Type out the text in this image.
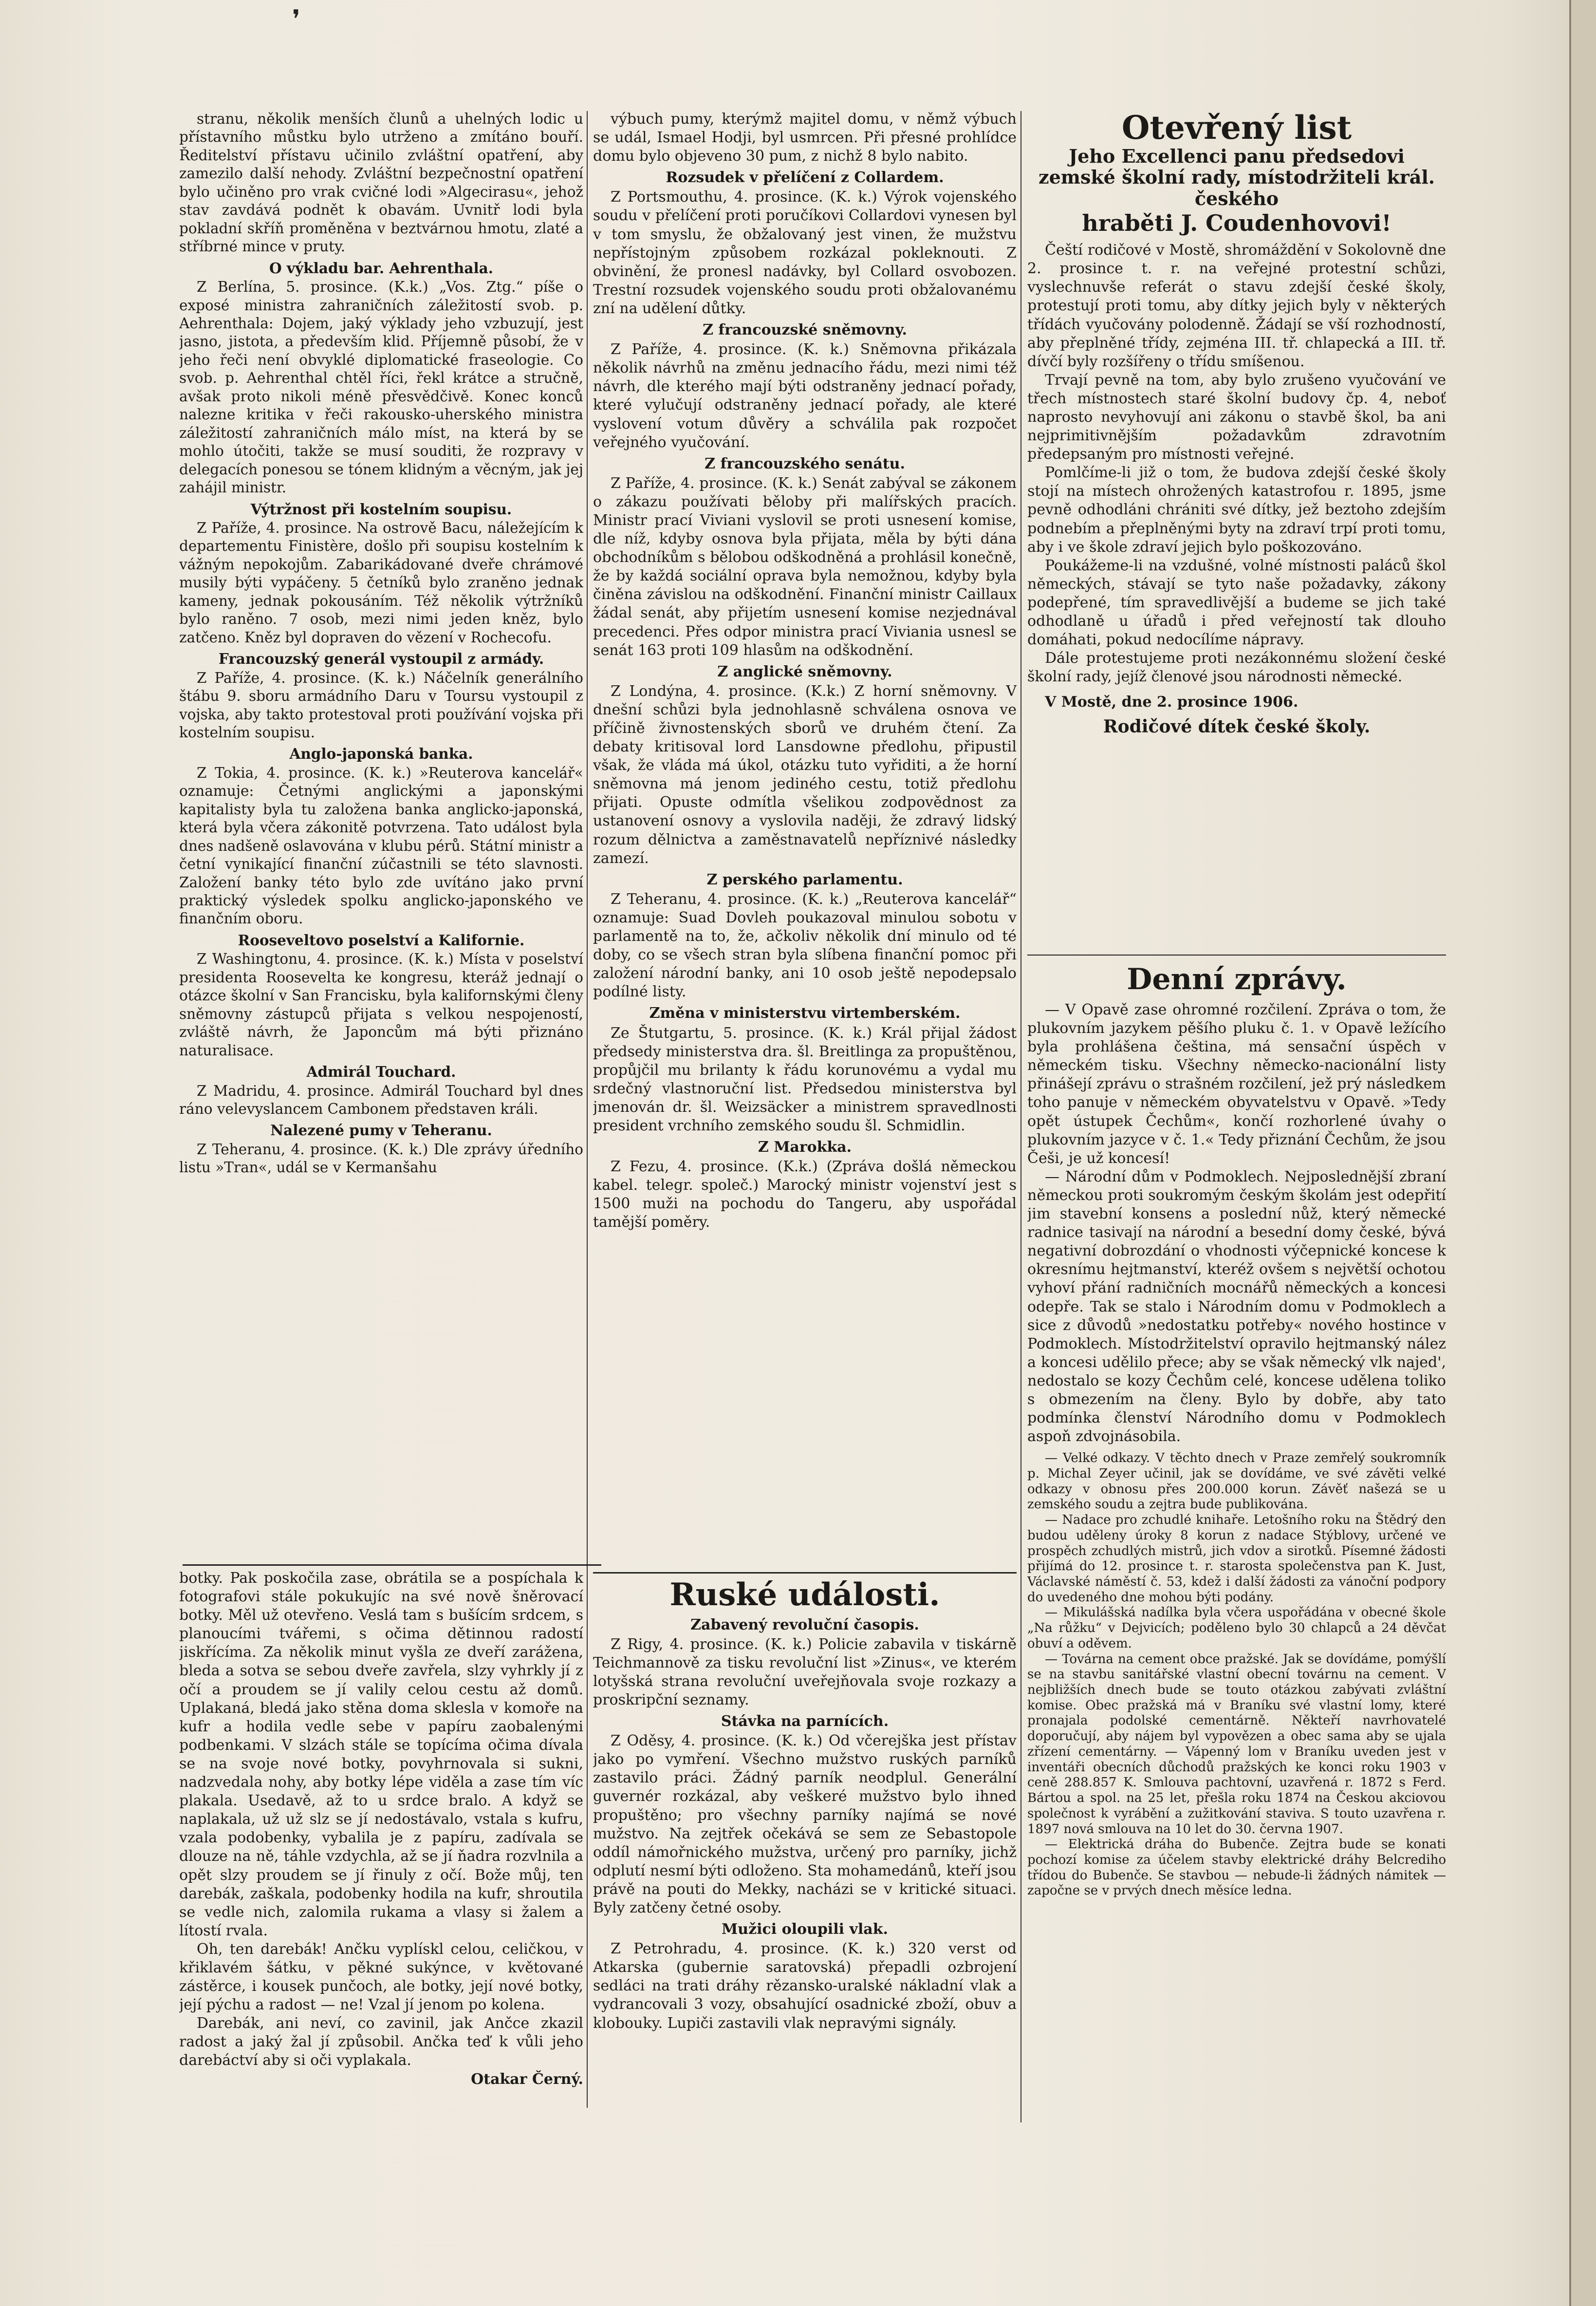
stranu, několik menších člunů a uhelných lodic u přístavního můstku bylo utrženo a zmítáno bouří. Ředitelství přístavu učinilo zvláštní opatření, aby zamezilo další nehody. Zvláštní bezpečnostní opatření bylo učiněno pro vrak cvičné lodi »Algecirasu«, jehož stav zavdává podnět k obavám. Uvnitř lodi byla pokladní skříň proměněna v beztvárnou hmotu, zlaté a stříbrné mince v pruty.

O výkladu bar. Aehrenthala.

Z Berlína, 5. prosince. (K.k.) „Vos. Ztg.“ píše o exposé ministra zahraničních záležitostí svob. p. Aehrenthala: Dojem, jaký výklady jeho vzbuzují, jest jasno, jistota, a především klid. Příjemně působí, že v jeho řeči není obvyklé diplomatické fraseologie. Co svob. p. Aehrenthal chtěl říci, řekl krátce a stručně, avšak proto nikoli méně přesvědčivě. Konec konců nalezne kritika v řeči rakousko-uherského ministra záležitostí zahraničních málo míst, na která by se mohlo útočiti, takže se musí souditi, že rozpravy v delegacích ponesou se tónem klidným a věcným, jak jej zahájil ministr.

Výtržnost při kostelním soupisu.

Z Paříže, 4. prosince. Na ostrově Bacu, náležejícím k departementu Finistère, došlo při soupisu kostelním k vážným nepokojům. Zabarikádované dveře chrámové musily býti vypáčeny. 5 četníků bylo zraněno jednak kameny, jednak pokousáním. Též několik výtržníků bylo raněno. 7 osob, mezi nimi jeden kněz, bylo zatčeno. Kněz byl dopraven do vězení v Rochecofu.

Francouzský generál vystoupil z armády.

Z Paříže, 4. prosince. (K. k.) Náčelník generálního štábu 9. sboru armádního Daru v Toursu vystoupil z vojska, aby takto protestoval proti používání vojska při kostelním soupisu.

Anglo-japonská banka.

Z Tokia, 4. prosince. (K. k.) »Reuterova kancelář« oznamuje: Četnými anglickými a japonskými kapitalisty byla tu založena banka anglicko-japonská, která byla včera zákonitě potvrzena. Tato událost byla dnes nadšeně oslavována v klubu pérů. Státní ministr a četní vynikající finanční zúčastnili se této slavnosti. Založení banky této bylo zde uvítáno jako první praktický výsledek spolku anglicko-japonského ve finančním oboru.

Rooseveltovo poselství a Kalifornie.

Z Washingtonu, 4. prosince. (K. k.) Místa v poselství presidenta Roosevelta ke kongresu, kteráž jednají o otázce školní v San Francisku, byla kalifornskými členy sněmovny zástupců přijata s velkou nespojeností, zvláště návrh, že Japoncům má býti přiznáno naturalisace.

Admirál Touchard.

Z Madridu, 4. prosince. Admirál Touchard byl dnes ráno velevyslancem Cambonem představen králi.

Nalezené pumy v Teheranu.

Z Teheranu, 4. prosince. (K. k.) Dle zprávy úředního listu »Tran«, udál se v Kermanšahu

výbuch pumy, kterýmž majitel domu, v němž výbuch se udál, Ismael Hodji, byl usmrcen. Při přesné prohlídce domu bylo objeveno 30 pum, z nichž 8 bylo nabito.

Rozsudek v přelíčení z Collardem.

Z Portsmouthu, 4. prosince. (K. k.) Výrok vojenského soudu v přelíčení proti poručíkovi Collardovi vynesen byl v tom smyslu, že obžalovaný jest vinen, že mužstvu nepřístojným způsobem rozkázal pokleknouti. Z obvinění, že pronesl nadávky, byl Collard osvobozen. Trestní rozsudek vojenského soudu proti obžalovanému zní na udělení důtky.

Z francouzské sněmovny.

Z Paříže, 4. prosince. (K. k.) Sněmovna přikázala několik návrhů na změnu jednacího řádu, mezi nimi též návrh, dle kterého mají býti odstraněny jednací pořady, které vylučují odstraněny jednací pořady, ale které vyslovení votum důvěry a schválila pak rozpočet veřejného vyučování.

Z francouzského senátu.

Z Paříže, 4. prosince. (K. k.) Senát zabýval se zákonem o zákazu používati běloby při malířských pracích. Ministr prací Viviani vyslovil se proti usnesení komise, dle níž, kdyby osnova byla přijata, měla by býti dána obchodníkům s bělobou odškodněná a prohlásil konečně, že by každá sociální oprava byla nemožnou, kdyby byla činěna závislou na odškodnění. Finanční ministr Caillaux žádal senát, aby přijetím usnesení komise nezjednával precedenci. Přes odpor ministra prací Viviania usnesl se senát 163 proti 109 hlasům na odškodnění.

Z anglické sněmovny.

Z Londýna, 4. prosince. (K.k.) Z horní sněmovny. V dnešní schůzi byla jednohlasně schválena osnova ve příčině živnostenských sborů ve druhém čtení. Za debaty kritisoval lord Lansdowne předlohu, připustil však, že vláda má úkol, otázku tuto vyřiditi, a že horní sněmovna má jenom jediného cestu, totiž předlohu přijati. Opuste odmítla všelikou zodpovědnost za ustanovení osnovy a vyslovila naději, že zdravý lidský rozum dělnictva a zaměstnavatelů nepříznivé následky zamezí.

Z perského parlamentu.

Z Teheranu, 4. prosince. (K. k.) „Reuterova kancelář“ oznamuje: Suad Dovleh poukazoval minulou sobotu v parlamentě na to, že, ačkoliv několik dní minulo od té doby, co se všech stran byla slíbena finanční pomoc při založení národní banky, ani 10 osob ještě nepodepsalo podílné listy.

Změna v ministerstvu virtemberském.

Ze Štutgartu, 5. prosince. (K. k.) Král přijal žádost předsedy ministerstva dra. šl. Breitlinga za propuštěnou, propůjčil mu brilanty k řádu korunovému a vydal mu srdečný vlastnoruční list. Předsedou ministerstva byl jmenován dr. šl. Weizsäcker a ministrem spravedlnosti president vrchního zemského soudu šl. Schmidlin.

Z Marokka.

Z Fezu, 4. prosince. (K.k.) (Zpráva došlá německou kabel. telegr. společ.) Marocký ministr vojenství jest s 1500 muži na pochodu do Tangeru, aby uspořádal tamější poměry.

Ruské události.
Zabavený revoluční časopis.

Z Rigy, 4. prosince. (K. k.) Policie zabavila v tiskárně Teichmannově za tisku revoluční list »Zinus«, ve kterém lotyšská strana revoluční uveřejňovala svoje rozkazy a proskripční seznamy.

Stávka na parnících.

Z Oděsy, 4. prosince. (K. k.) Od včerejška jest přístav jako po vymření. Všechno mužstvo ruských parníků zastavilo práci. Žádný parník neodplul. Generální guvernér rozkázal, aby veškeré mužstvo bylo ihned propuštěno; pro všechny parníky najímá se nové mužstvo. Na zejtřek očekává se sem ze Sebastopole oddíl námořnického mužstva, určený pro parníky, jichž odplutí nesmí býti odloženo. Sta mohamedánů, kteří jsou právě na pouti do Mekky, nacházi se v kritické situaci. Byly zatčeny četné osoby.

Mužici oloupili vlak.

Z Petrohradu, 4. prosince. (K. k.) 320 verst od Atkarska (gubernie saratovská) přepadli ozbrojení sedláci na trati dráhy rězansko-uralské nákladní vlak a vydrancovali 3 vozy, obsahující osadnické zboží, obuv a klobouky. Lupiči zastavili vlak nepravými signály.

botky. Pak poskočila zase, obrátila se a pospíchala k fotografovi stále pokukujíc na své nově šněrovací botky. Měl už otevřeno. Veslá tam s bušícím srdcem, s planoucími tvářemi, s očima dětinnou radostí jiskřícíma. Za několik minut vyšla ze dveří zarážena, bleda a sotva se sebou dveře zavřela, slzy vyhrkly jí z očí a proudem se jí valily celou cestu až domů. Uplakaná, bledá jako stěna doma sklesla v komoře na kufr a hodila vedle sebe v papíru zaobalenými podbenkami. V slzách stále se topícíma očima dívala se na svoje nové botky, povyhrnovala si sukni, nadzvedala nohy, aby botky lépe viděla a zase tím víc plakala. Usedavě, až to u srdce bralo. A když se naplakala, už už slz se jí nedostávalo, vstala s kufru, vzala podobenky, vybalila je z papíru, zadívala se dlouze na ně, táhle vzdychla, až se jí ňadra rozvlnila a opět slzy proudem se jí řinuly z očí. Bože můj, ten darebák, zaškala, podobenky hodila na kufr, shroutila se vedle nich, zalomila rukama a vlasy si žalem a lítostí rvala.

Oh, ten darebák! Ančku vyplískl celou, celičkou, v křiklavém šátku, v pěkné sukýnce, v květované zástěrce, i kousek punčoch, ale botky, její nové botky, její pýchu a radost — ne! Vzal jí jenom po kolena.

Darebák, ani neví, co zavinil, jak Ančce zkazil radost a jaký žal jí způsobil. Ančka teď k vůli jeho darebáctví aby si oči vyplakala.

Otakar Černý.

Otevřený list
Jeho Excellenci panu předsedovi zemské školní rady, místodržiteli král. českého
hraběti J. Coudenhovovi!

Čeští rodičové v Mostě, shromáždění v Sokolovně dne 2. prosince t. r. na veřejné protestní schůzi, vyslechnuvše referát o stavu zdejší české školy, protestují proti tomu, aby dítky jejich byly v některých třídách vyučovány polodenně. Žádají se vší rozhodností, aby přeplněné třídy, zejména III. tř. chlapecká a III. tř. dívčí byly rozšířeny o třídu smíšenou.

Trvají pevně na tom, aby bylo zrušeno vyučování ve třech místnostech staré školní budovy čp. 4, neboť naprosto nevyhovují ani zákonu o stavbě škol, ba ani nejprimitivnějším požadavkům zdravotním předepsaným pro místnosti veřejné.

Pomlčíme-li již o tom, že budova zdejší české školy stojí na místech ohrožených katastrofou r. 1895, jsme pevně odhodláni chrániti své dítky, jež beztoho zdejším podnebím a přeplněnými byty na zdraví trpí proti tomu, aby i ve škole zdraví jejich bylo poškozováno.

Poukážeme-li na vzdušné, volné místnosti paláců škol německých, stávají se tyto naše požadavky, zákony podepřené, tím spravedlivější a budeme se jich také odhodlaně u úřadů i před veřejností tak dlouho domáhati, pokud nedocílíme nápravy.

Dále protestujeme proti nezákonnému složení české školní rady, jejíž členové jsou národnosti německé.

V Mostě, dne 2. prosince 1906.

Rodičové dítek české školy.
Denní zprávy.

— V Opavě zase ohromné rozčilení. Zpráva o tom, že plukovním jazykem pěšího pluku č. 1. v Opavě ležícího byla prohlášena čeština, má sensační úspěch v německém tisku. Všechny německo-nacionální listy přinášejí zprávu o strašném rozčilení, jež prý následkem toho panuje v německém obyvatelstvu v Opavě. »Tedy opět ústupek Čechům«, končí rozhorlené úvahy o plukovním jazyce v č. 1.« Tedy přiznání Čechům, že jsou Češi, je už koncesí!

— Národní dům v Podmoklech. Nejposlednější zbraní německou proti soukromým českým školám jest odepřití jim stavební konsens a poslední nůž, který německé radnice tasivají na národní a besední domy české, bývá negativní dobrozdání o vhodnosti výčepnické koncese k okresnímu hejtmanství, kteréž ovšem s největší ochotou vyhoví přání radničních mocnářů německých a koncesi odepře. Tak se stalo i Národním domu v Podmoklech a sice z důvodů »nedostatku potřeby« nového hostince v Podmoklech. Místodržitelství opravilo hejtmanský nález a koncesi udělilo přece; aby se však německý vlk najed', nedostalo se kozy Čechům celé, koncese udělena toliko s obmezením na členy. Bylo by dobře, aby tato podmínka členství Národního domu v Podmoklech aspoň zdvojnásobila.

— Velké odkazy. V těchto dnech v Praze zemřelý soukromník p. Michal Zeyer učinil, jak se dovídáme, ve své závěti velké odkazy v obnosu přes 200.000 korun. Závěť našezá se u zemského soudu a zejtra bude publikována.

— Nadace pro zchudlé knihaře. Letošního roku na Štědrý den budou uděleny úroky 8 korun z nadace Stýblovy, určené ve prospěch zchudlých mistrů, jich vdov a sirotků. Písemné žádosti přijímá do 12. prosince t. r. starosta společenstva pan K. Just, Václavské náměstí č. 53, kdež i další žádosti za vánoční podpory do uvedeného dne mohou býti podány.

— Mikulášská nadílka byla včera uspořádána v obecné škole „Na růžku“ v Dejvicích; poděleno bylo 30 chlapců a 24 děvčat obuví a oděvem.

— Továrna na cement obce pražské. Jak se dovídáme, pomýšlí se na stavbu sanitářské vlastní obecní továrnu na cement. V nejbližších dnech bude se touto otázkou zabývati zvláštní komise. Obec pražská má v Braníku své vlastní lomy, které pronajala podolské cementárně. Někteří navrhovatelé doporučují, aby nájem byl vypovězen a obec sama aby se ujala zřízení cementárny. — Vápenný lom v Braníku uveden jest v inventáři obecních důchodů pražských ke konci roku 1903 v ceně 288.857 K. Smlouva pachtovní, uzavřená r. 1872 s Ferd. Bártou a spol. na 25 let, přešla roku 1874 na Českou akciovou společnost k vyrábění a zužitkování staviva. S touto uzavřena r. 1897 nová smlouva na 10 let do 30. června 1907.

— Elektrická dráha do Bubenče. Zejtra bude se konati pochozí komise za účelem stavby elektrické dráhy Belcrediho třídou do Bubenče. Se stavbou — nebude-li žádných námitek — započne se v prvých dnech měsíce ledna.

❜
